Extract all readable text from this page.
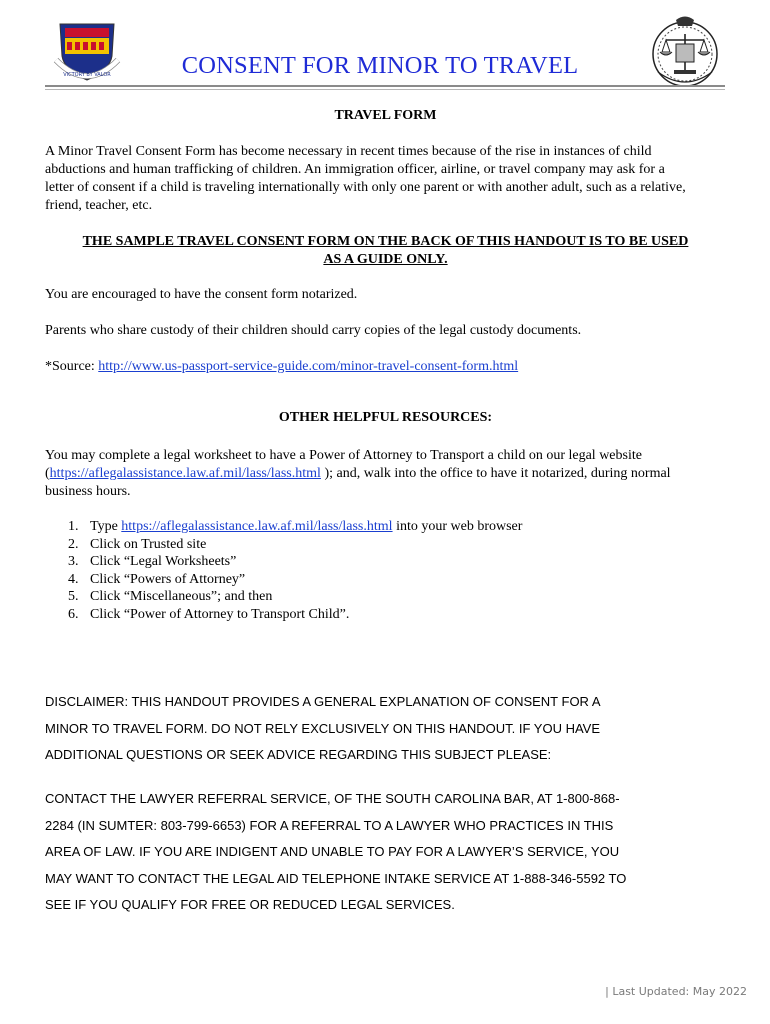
VICTORY BY VALOR	CONSENT FOR MINOR TO TRAVEL
TRAVEL FORM
A Minor Travel Consent Form has become necessary in recent times because of the rise in instances of child
abductions and human trafficking of children. An immigration officer, airline, or travel company may ask for a
letter of consent if a child is traveling internationally with only one parent or with another adult, such as a relative,
friend, teacher, etc.
THE SAMPLE TRAVEL CONSENT FORM ON THE BACK OF THIS HANDOUT IS TO BE USED
AS A GUIDE ONLY.
You are encouraged to have the consent form notarized.
Parents who share custody of their children should carry copies of the legal custody documents.
*Source: http://www.us-passport-service-guide.com/minor-travel-consent-form.html
OTHER HELPFUL RESOURCES:
You may complete a legal worksheet to have a Power of Attorney to Transport a child on our legal website
(https://aflegalassistance.law.af.mil/lass/lass.html ); and, walk into the office to have it notarized, during normal
business hours.
1. Type https://aflegalassistance.law.af.mil/lass/lass.html into your web browser
2. Click on Trusted site
3. Click “Legal Worksheets”
4. Click “Powers of Attorney”
5. Click “Miscellaneous”; and then
6. Click “Power of Attorney to Transport Child”.
DISCLAIMER: THIS HANDOUT PROVIDES A GENERAL EXPLANATION OF CONSENT FOR A
MINOR TO TRAVEL FORM. DO NOT RELY EXCLUSIVELY ON THIS HANDOUT. IF YOU HAVE
ADDITIONAL QUESTIONS OR SEEK ADVICE REGARDING THIS SUBJECT PLEASE:
CONTACT THE LAWYER REFERRAL SERVICE, OF THE SOUTH CAROLINA BAR, AT 1-800-868-
2284 (IN SUMTER: 803-799-6653) FOR A REFERRAL TO A LAWYER WHO PRACTICES IN THIS
AREA OF LAW. IF YOU ARE INDIGENT AND UNABLE TO PAY FOR A LAWYER’S SERVICE, YOU
MAY WANT TO CONTACT THE LEGAL AID TELEPHONE INTAKE SERVICE AT 1-888-346-5592 TO
SEE IF YOU QUALIFY FOR FREE OR REDUCED LEGAL SERVICES.
| Last Updated: May 2022
